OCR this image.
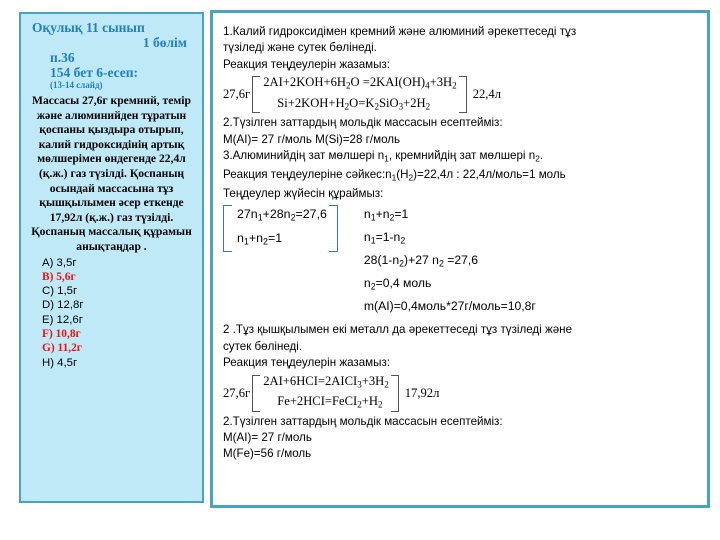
Оқулық 11 сынып
1 бөлім
п.36
154 бет 6-есеп:
(13-14 слайд)
Массасы 27,6г кремний, темір және алюминийден тұратын қоспаны қыздыра отырып, калий гидроксидінің артық мөлшерімен өндегенде 22,4л (қ.ж.) газ түзілді. Қоспаның осындай массасына тұз қышқылымен әсер еткенде 17,92л (қ.ж.) газ түзілді. Қоспаның массалық құрамын анықтаңдар .
A) 3,5г
B) 5,6г
C) 1,5г
D) 12,8г
E) 12,6г
F) 10,8г
G) 11,2г
H) 4,5г
1.Калий гидроксидімен кремний және алюминий әрекеттеседі тұз
түзіледі және сутек бөлінеді.
Реакция теңдеулерін жазамыз:
27,6г
$2AI+2KOH+6H_2O =2KAI(OH)_4+3H_2$
$Si+2KOH+H_2O=K_2SiO_3+2H_2$
22,4л
2.Түзілген заттардың мольдік массасын есептейміз:
M(AI)= 27 г/моль M(Si)=28 г/моль
3.Алюминийдің зат мөлшері $n_1$, кремнийдің зат мөлшері $n_2$.
Реакция теңдеулеріне $сәйкес:n_1(H_2)=22,4л$ : 22,4л/моль=1 моль
Теңдеулер жүйесін құраймыз:
$27n_1+28n_2=27,6$
$n_1+n_2=1$
$n_1+n_2=1$
$n_1=1-n_2$
$28(1-n_2)+27$ $n_2 =27,6$
$n_2=0,4$ моль
m(AI)=0,4моль*27г/моль=10,8г
2 .Тұз қышқылымен екі металл да әрекеттеседі тұз түзіледі және
сутек бөлінеді.
Реакция теңдеулерін жазамыз:
27,6г
$2AI+6HCI=2AICI_3+3H_2$
$Fe+2HCI=FeCI_2+H_2$
17,92л
2.Түзілген заттардың мольдік массасын есептейміз:
M(AI)= 27 г/моль
M(Fe)=56 г/моль
